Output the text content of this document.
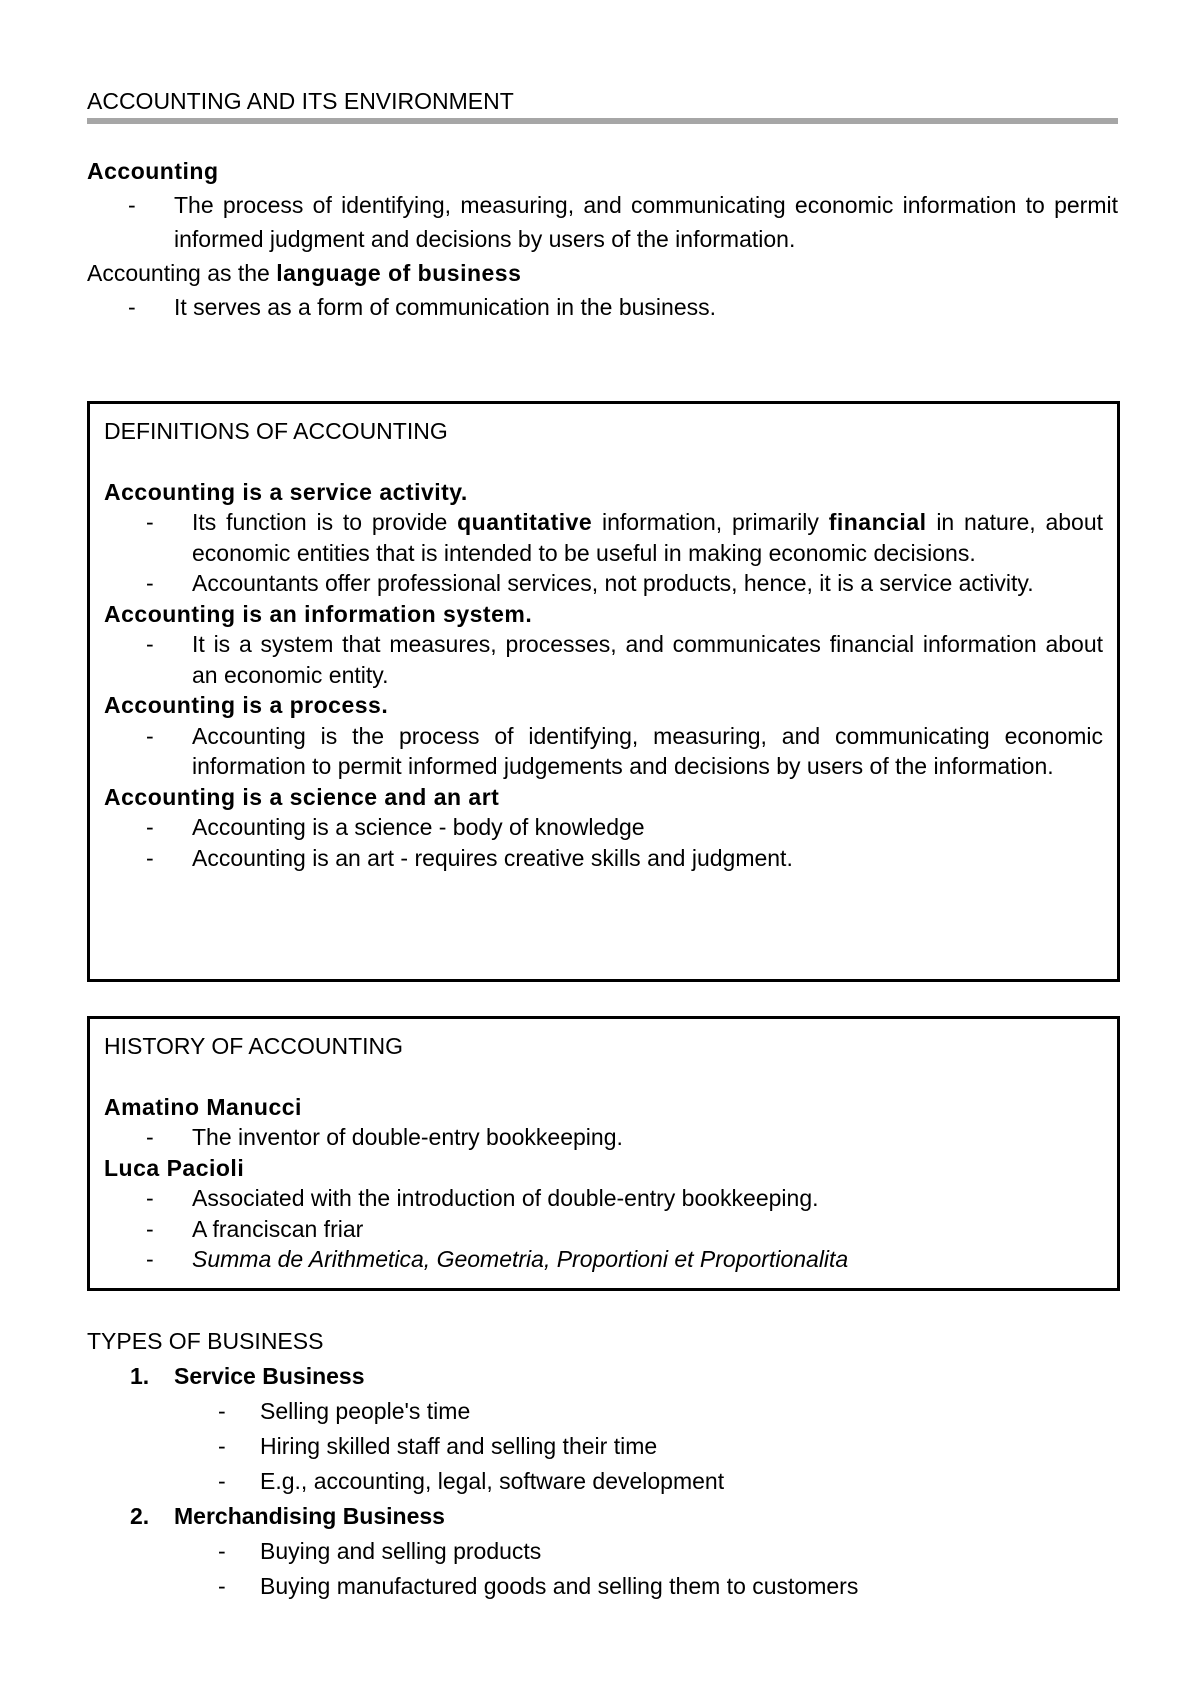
ACCOUNTING AND ITS ENVIRONMENT
Accounting
- The process of identifying, measuring, and communicating economic information to permit informed judgment and decisions by users of the information.
Accounting as the language of business
- It serves as a form of communication in the business.
DEFINITIONS OF ACCOUNTING
Accounting is a service activity.
- Its function is to provide quantitative information, primarily financial in nature, about economic entities that is intended to be useful in making economic decisions.
- Accountants offer professional services, not products, hence, it is a service activity.
Accounting is an information system.
- It is a system that measures, processes, and communicates financial information about an economic entity.
Accounting is a process.
- Accounting is the process of identifying, measuring, and communicating economic information to permit informed judgements and decisions by users of the information.
Accounting is a science and an art
- Accounting is a science - body of knowledge
- Accounting is an art - requires creative skills and judgment.
HISTORY OF ACCOUNTING
Amatino Manucci
- The inventor of double-entry bookkeeping.
Luca Pacioli
- Associated with the introduction of double-entry bookkeeping.
- A franciscan friar
- Summa de Arithmetica, Geometria, Proportioni et Proportionalita
TYPES OF BUSINESS
1. Service Business
- Selling people's time
- Hiring skilled staff and selling their time
- E.g., accounting, legal, software development
2. Merchandising Business
- Buying and selling products
- Buying manufactured goods and selling them to customers
